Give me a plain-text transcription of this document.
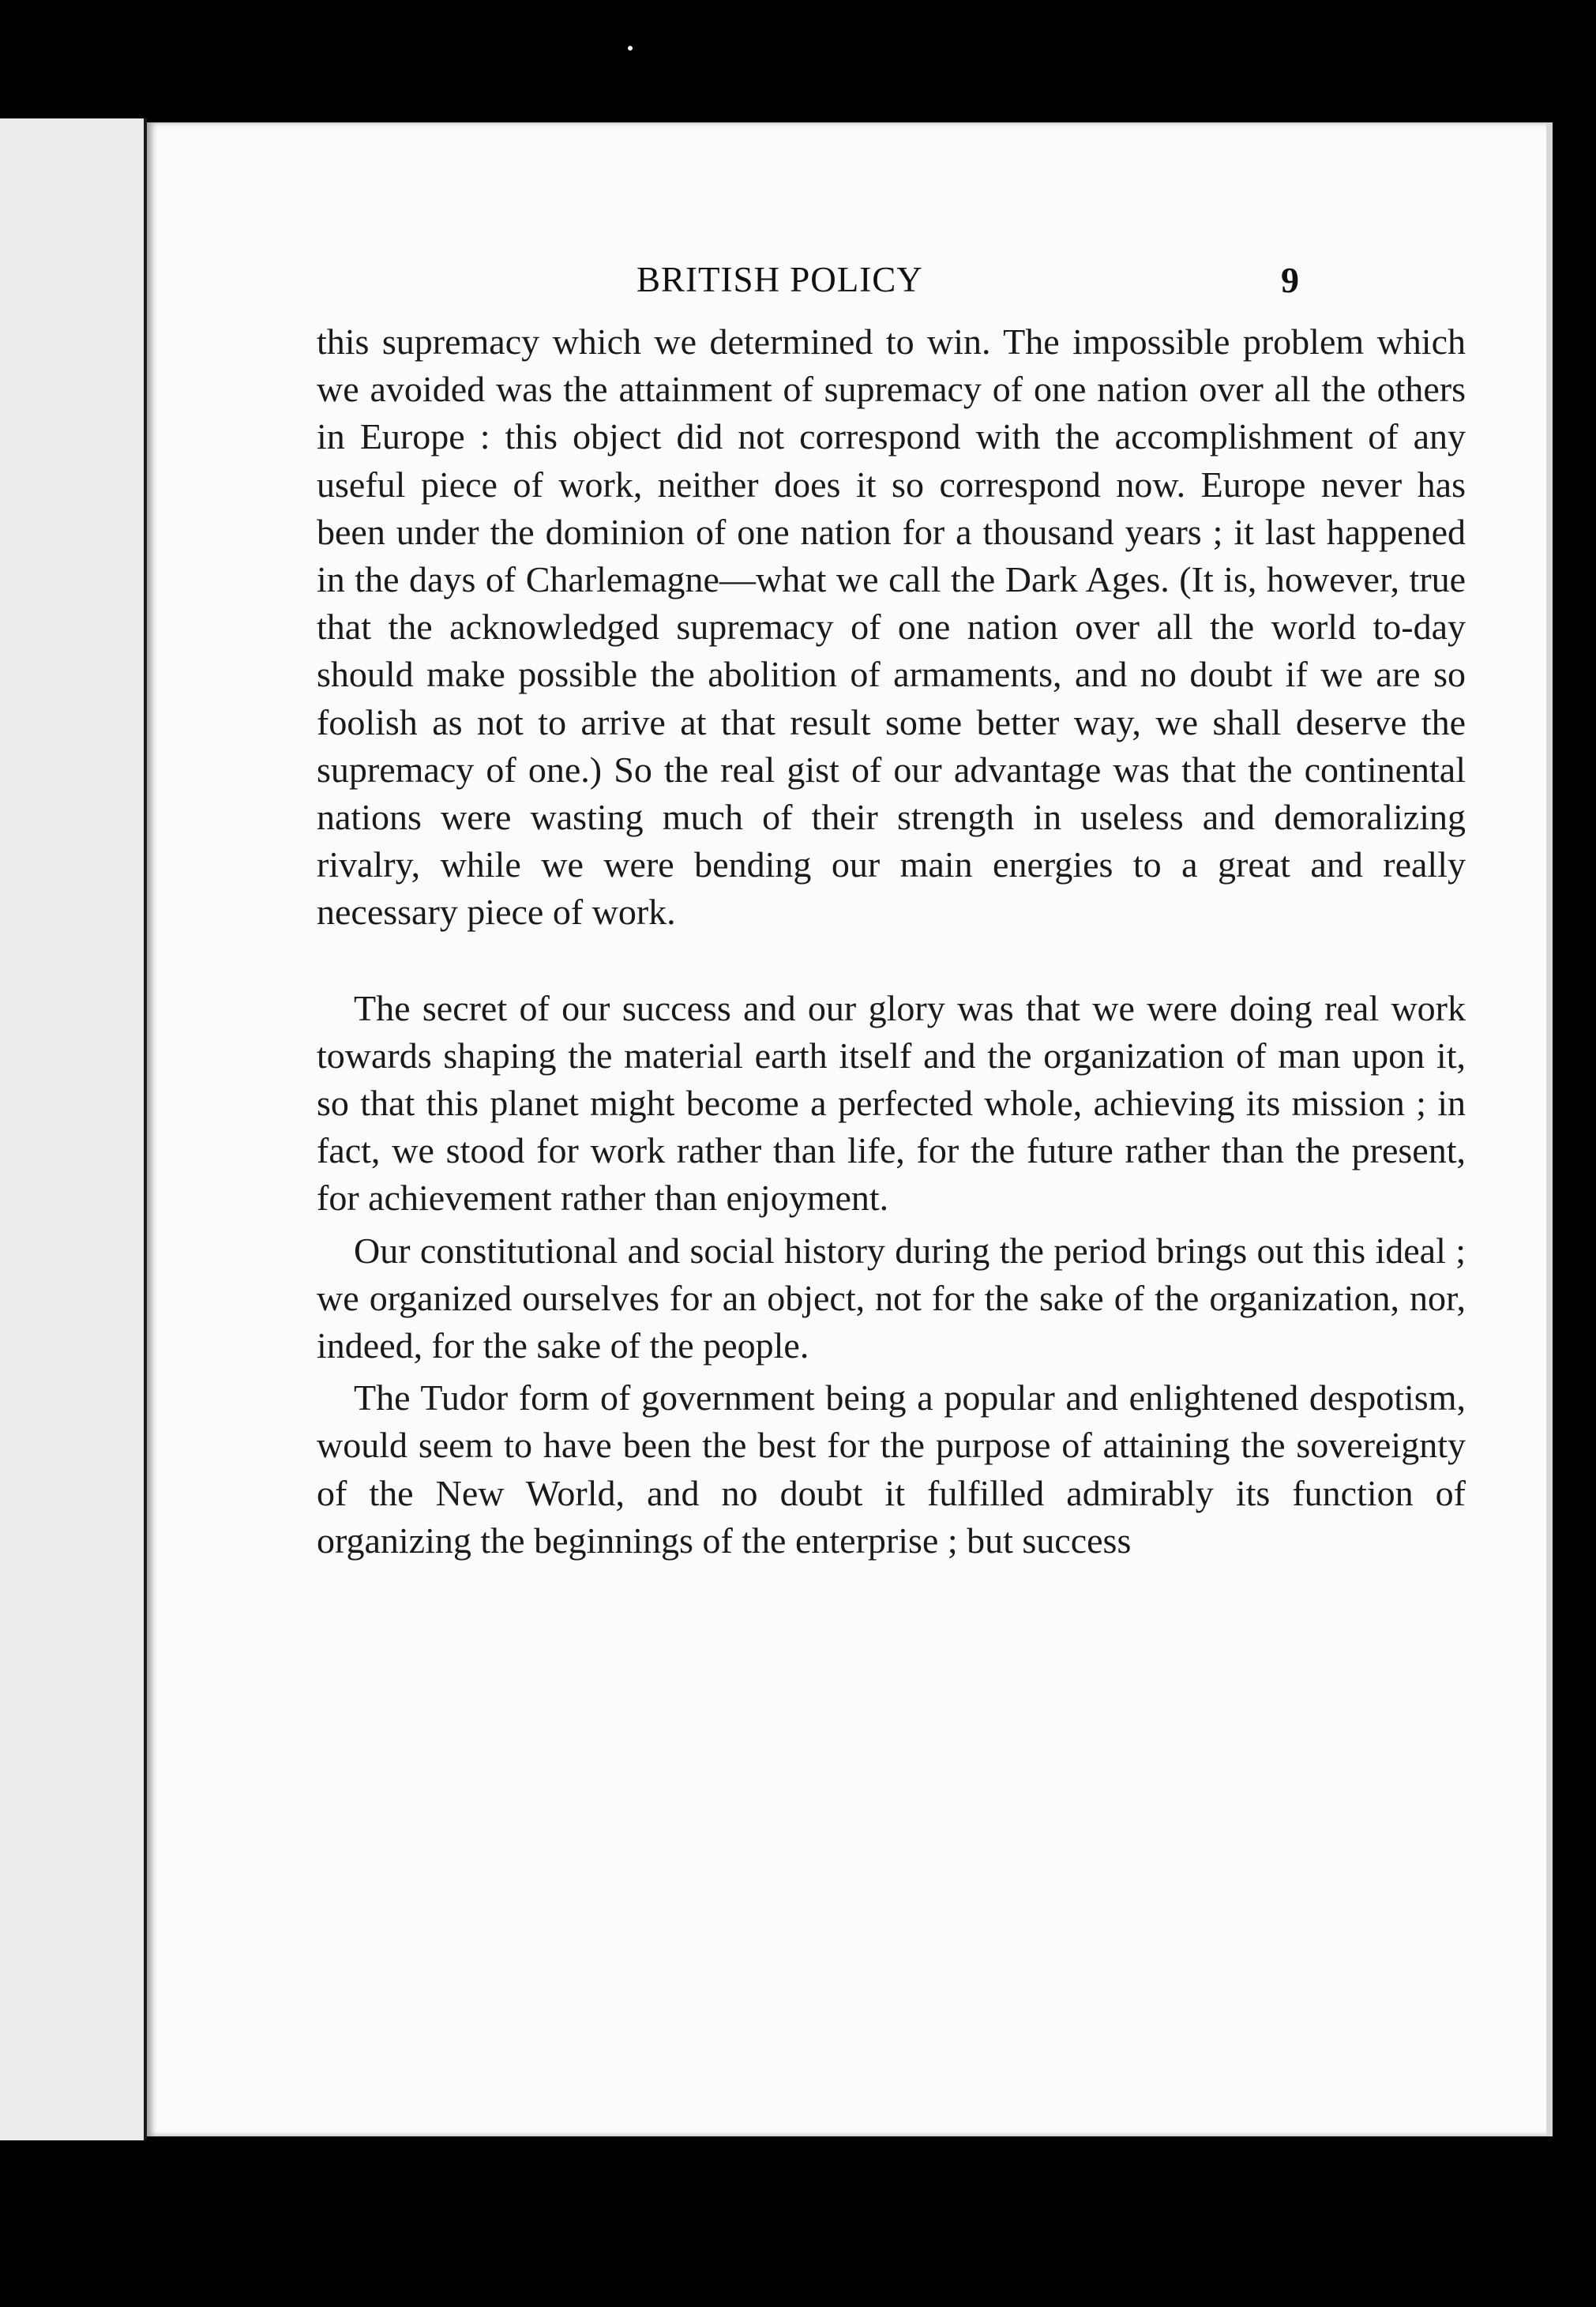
BRITISH POLICY	9

this supremacy which we determined to win. The impossible problem which we avoided was the attainment of supremacy of one nation over all the others in Europe : this object did not correspond with the accomplishment of any useful piece of work, neither does it so correspond now. Europe never has been under the dominion of one nation for a thousand years ; it last happened in the days of Charlemagne—what we call the Dark Ages. (It is, however, true that the acknowledged supremacy of one nation over all the world to-day should make possible the abolition of armaments, and no doubt if we are so foolish as not to arrive at that result some better way, we shall deserve the supremacy of one.) So the real gist of our advantage was that the continental nations were wasting much of their strength in useless and demoralizing rivalry, while we were bending our main energies to a great and really necessary piece of work.

The secret of our success and our glory was that we were doing real work towards shaping the material earth itself and the organization of man upon it, so that this planet might become a perfected whole, achieving its mission ; in fact, we stood for work rather than life, for the future rather than the present, for achievement rather than enjoyment.

Our constitutional and social history during the period brings out this ideal ; we organized ourselves for an object, not for the sake of the organization, nor, indeed, for the sake of the people.

The Tudor form of government being a popular and enlightened despotism, would seem to have been the best for the purpose of attaining the sovereignty of the New World, and no doubt it fulfilled admirably its function of organizing the beginnings of the enterprise ; but success
